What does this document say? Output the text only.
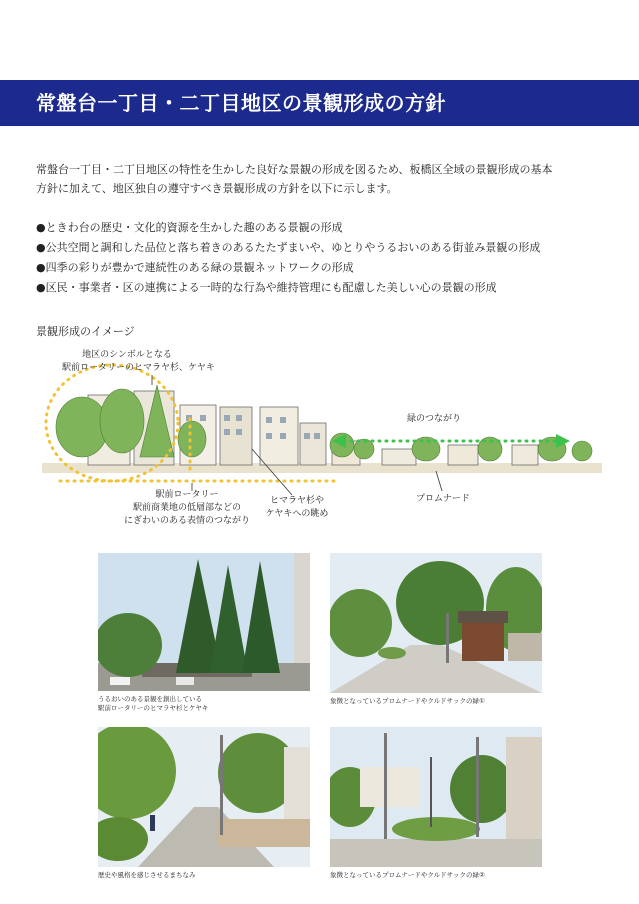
常盤台一丁目・二丁目地区の景観形成の方針

常盤台一丁目・二丁目地区の特性を生かした良好な景観の形成を図るため、板橋区全域の景観形成の基本
方針に加えて、地区独自の遵守すべき景観形成の方針を以下に示します。

●ときわ台の歴史・文化的資源を生かした趣のある景観の形成
●公共空間と調和した品位と落ち着きのあるたたずまいや、ゆとりやうるおいのある街並み景観の形成
●四季の彩りが豊かで連続性のある緑の景観ネットワークの形成
●区民・事業者・区の連携による一時的な行為や維持管理にも配慮した美しい心の景観の形成

景観形成のイメージ

地区のシンボルとなる
駅前ロータリーのヒマラヤ杉、ケヤキ
緑のつながり
駅前ロータリー
駅前商業地の低層部などの
にぎわいのある表情のつながり
ヒマラヤ杉や
ケヤキへの眺め
プロムナード
うるおいのある景観を創出している
駅前ロータリーのヒマラヤ杉とケヤキ
象徴となっているプロムナードやクルドサックの緑①
歴史や風格を感じさせるまちなみ	象徴となっているプロムナードやクルドサックの緑②
